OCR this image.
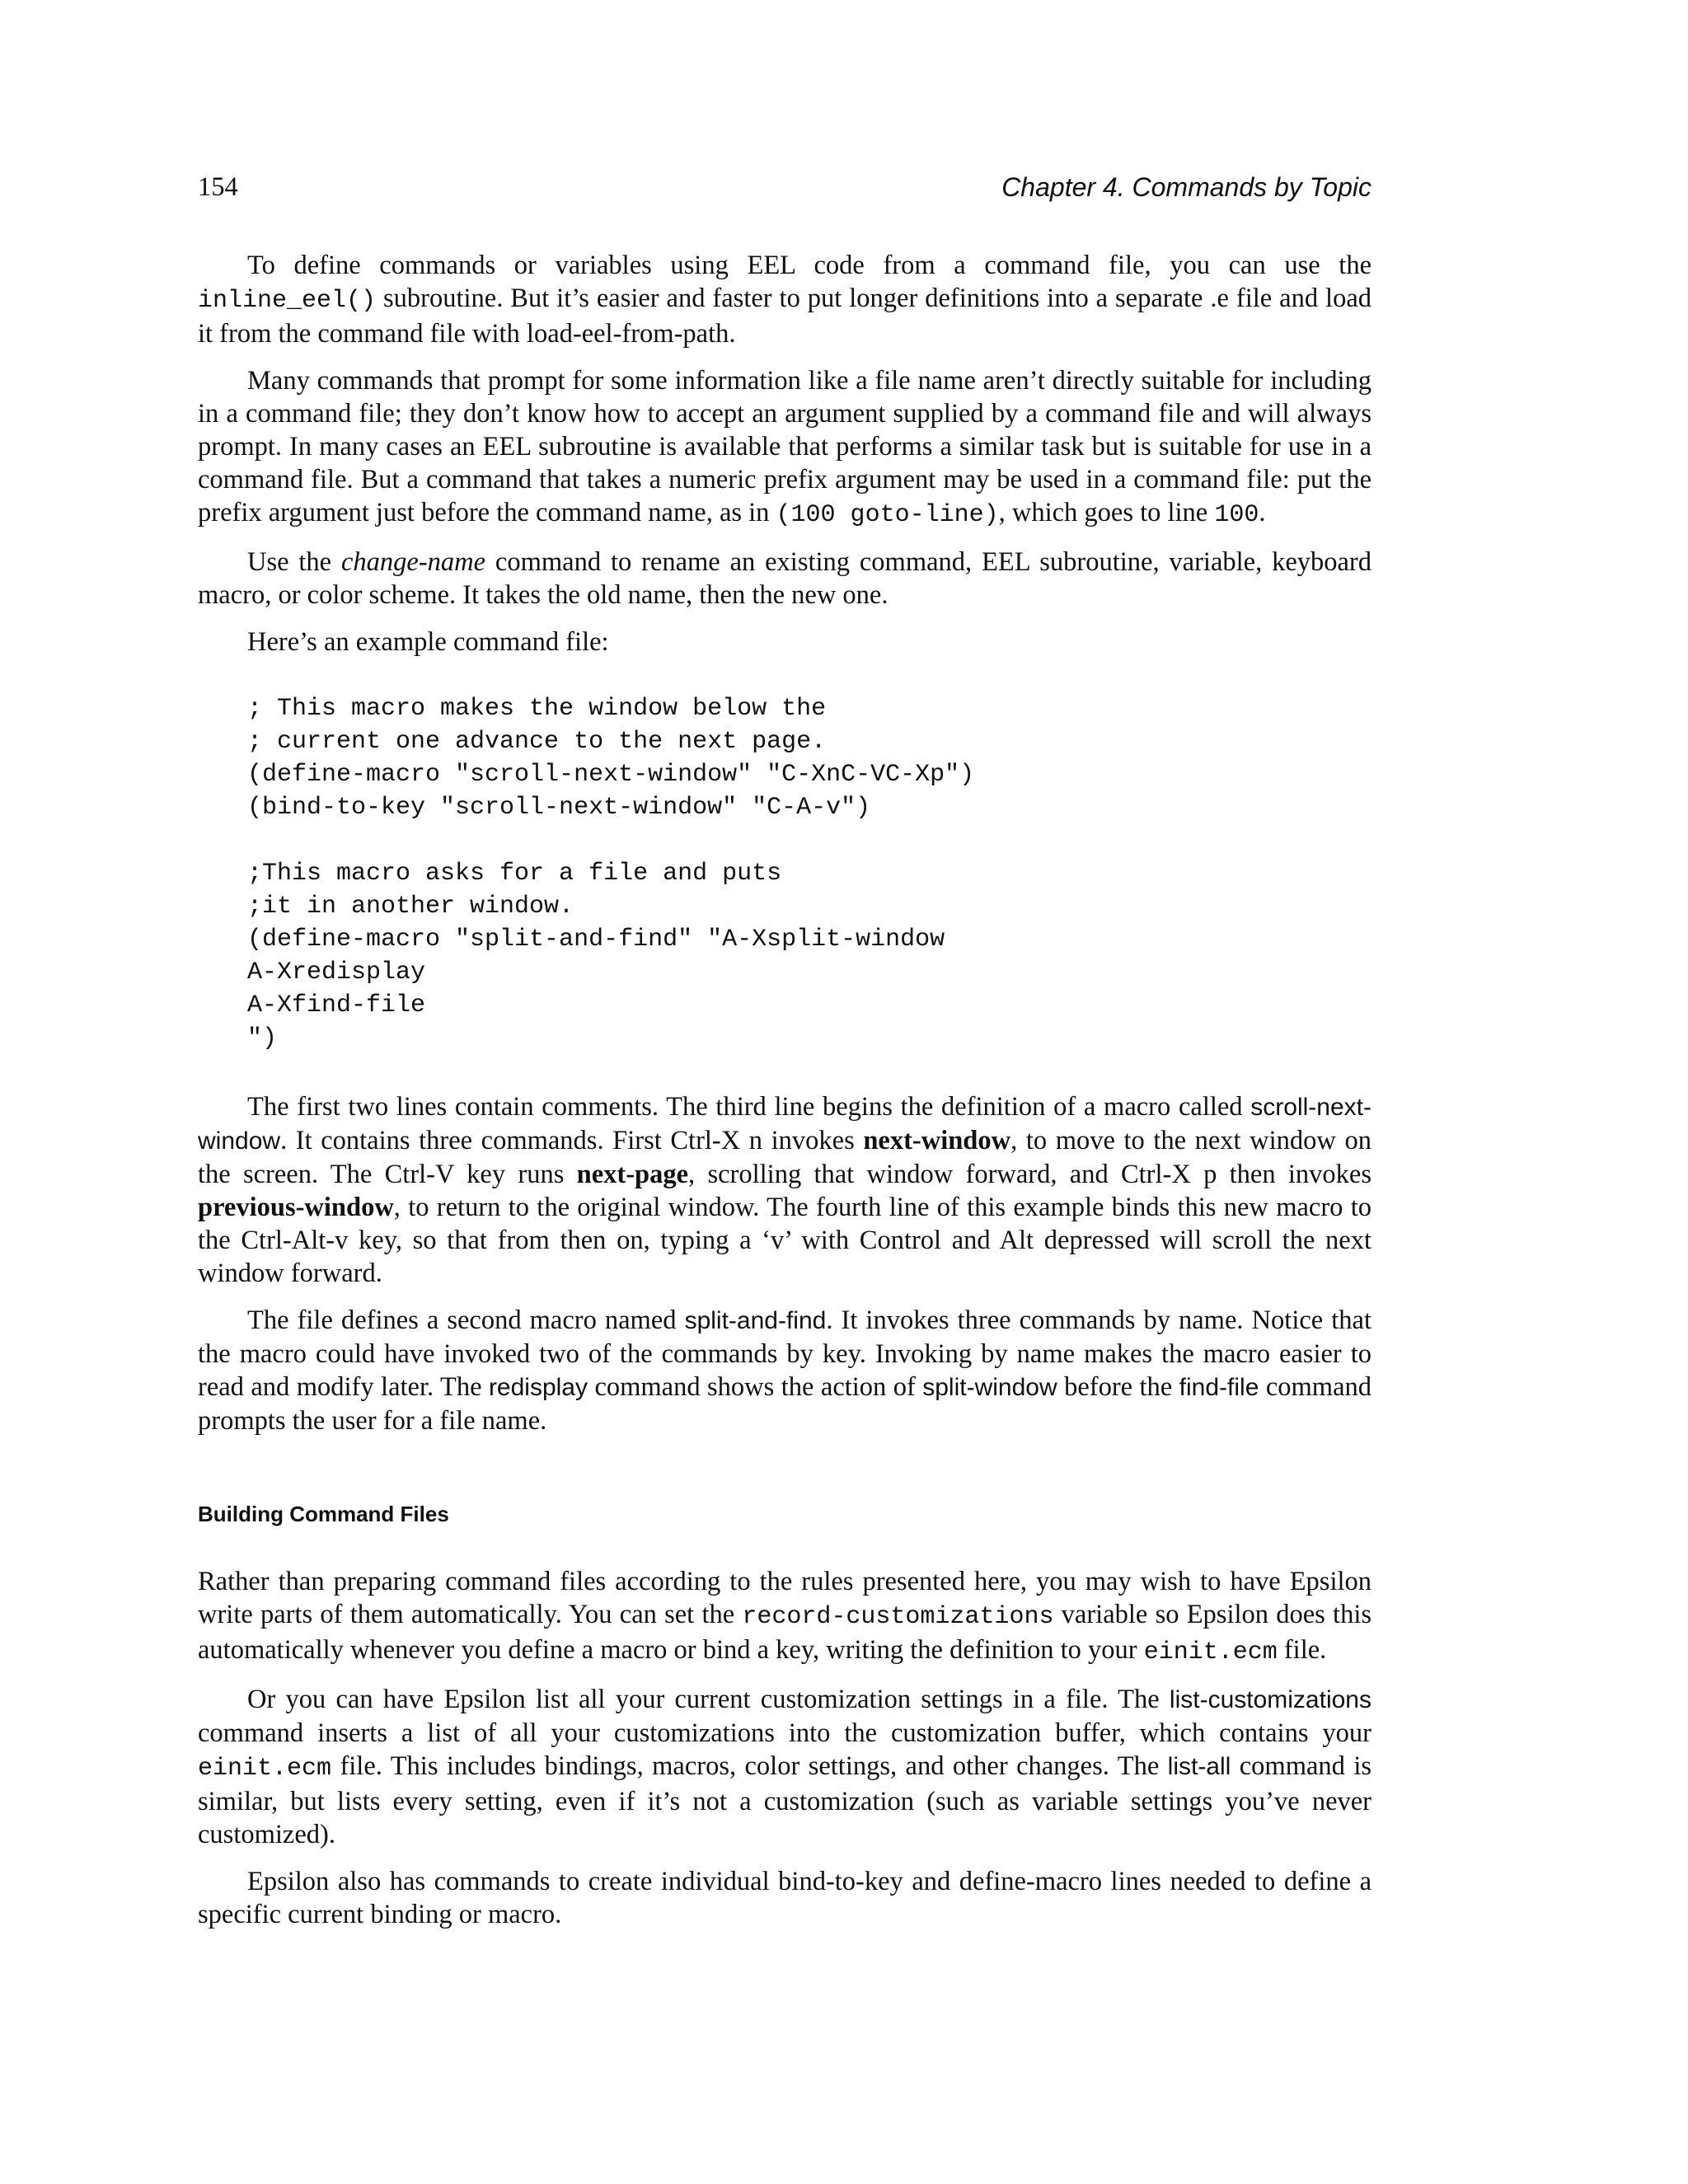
154	Chapter 4. Commands by Topic

To define commands or variables using EEL code from a command file, you can use the inline_eel() subroutine. But it’s easier and faster to put longer definitions into a separate .e file and load it from the command file with load-eel-from-path.

Many commands that prompt for some information like a file name aren’t directly suitable for including in a command file; they don’t know how to accept an argument supplied by a command file and will always prompt. In many cases an EEL subroutine is available that performs a similar task but is suitable for use in a command file. But a command that takes a numeric prefix argument may be used in a command file: put the prefix argument just before the command name, as in (100 goto-line), which goes to line 100.

Use the change-name command to rename an existing command, EEL subroutine, variable, keyboard macro, or color scheme. It takes the old name, then the new one.

Here’s an example command file:

; This macro makes the window below the
; current one advance to the next page.
(define-macro "scroll-next-window" "C-XnC-VC-Xp")
(bind-to-key "scroll-next-window" "C-A-v")

;This macro asks for a file and puts
;it in another window.
(define-macro "split-and-find" "A-Xsplit-window
A-Xredisplay
A-Xfind-file
")

The first two lines contain comments. The third line begins the definition of a macro called scroll-next-window. It contains three commands. First Ctrl-X n invokes next-window, to move to the next window on the screen. The Ctrl-V key runs next-page, scrolling that window forward, and Ctrl-X p then invokes previous-window, to return to the original window. The fourth line of this example binds this new macro to the Ctrl-Alt-v key, so that from then on, typing a ‘v’ with Control and Alt depressed will scroll the next window forward.

The file defines a second macro named split-and-find. It invokes three commands by name. Notice that the macro could have invoked two of the commands by key. Invoking by name makes the macro easier to read and modify later. The redisplay command shows the action of split-window before the find-file command prompts the user for a file name.

Building Command Files

Rather than preparing command files according to the rules presented here, you may wish to have Epsilon write parts of them automatically. You can set the record-customizations variable so Epsilon does this automatically whenever you define a macro or bind a key, writing the definition to your einit.ecm file.

Or you can have Epsilon list all your current customization settings in a file. The list-customizations command inserts a list of all your customizations into the customization buffer, which contains your einit.ecm file. This includes bindings, macros, color settings, and other changes. The list-all command is similar, but lists every setting, even if it’s not a customization (such as variable settings you’ve never customized).

Epsilon also has commands to create individual bind-to-key and define-macro lines needed to define a specific current binding or macro.
